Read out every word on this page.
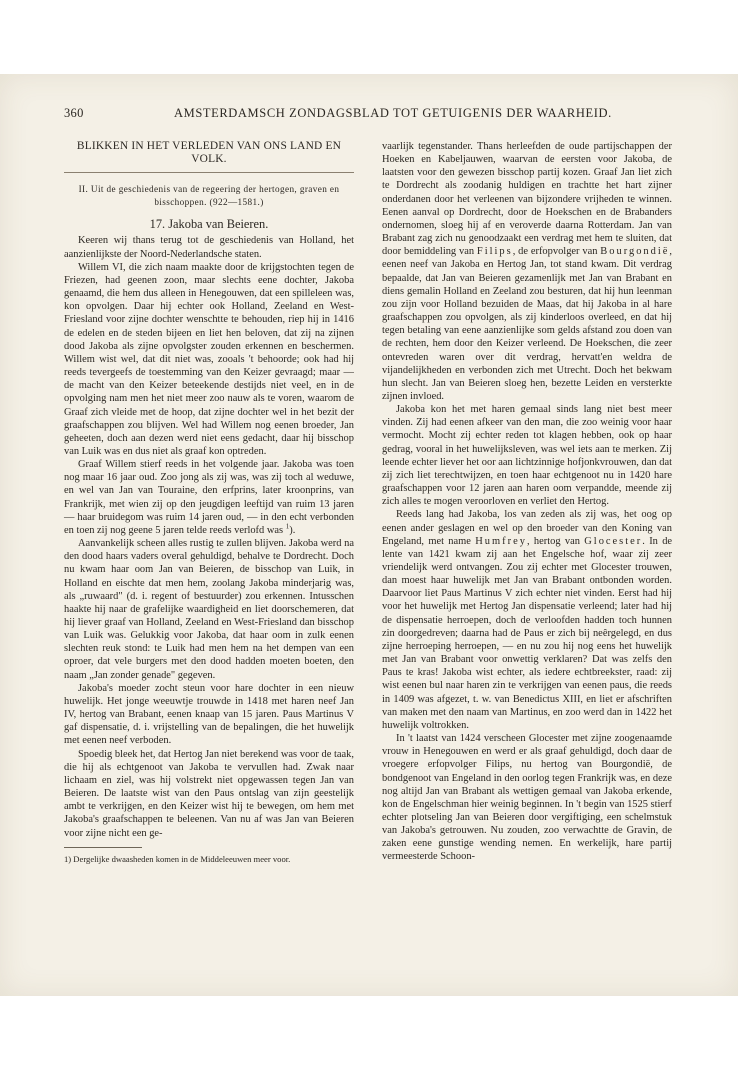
360	AMSTERDAMSCH ZONDAGSBLAD TOT GETUIGENIS DER WAARHEID.
BLIKKEN IN HET VERLEDEN VAN ONS LAND EN VOLK.
II. Uit de geschiedenis van de regeering der hertogen, graven en bisschoppen. (922—1581.)
17. Jakoba van Beieren.

Keeren wij thans terug tot de geschiedenis van Holland, het aanzienlijkste der Noord-Nederlandsche staten.

Willem VI, die zich naam maakte door de krijgstochten tegen de Friezen, had geenen zoon, maar slechts eene dochter, Jakoba genaamd, die hem dus alleen in Henegouwen, dat een spilleleen was, kon opvolgen. Daar hij echter ook Holland, Zeeland en West-Friesland voor zijne dochter wenschtte te behouden, riep hij in 1416 de edelen en de steden bijeen en liet hen beloven, dat zij na zijnen dood Jakoba als zijne opvolgster zouden erkennen en beschermen. Willem wist wel, dat dit niet was, zooals 't behoorde; ook had hij reeds tevergeefs de toestemming van den Keizer gevraagd; maar — de macht van den Keizer beteekende destijds niet veel, en in de opvolging nam men het niet meer zoo nauw als te voren, waarom de Graaf zich vleide met de hoop, dat zijne dochter wel in het bezit der graafschappen zou blijven. Wel had Willem nog eenen broeder, Jan geheeten, doch aan dezen werd niet eens gedacht, daar hij bisschop van Luik was en dus niet als graaf kon optreden.

Graaf Willem stierf reeds in het volgende jaar. Jakoba was toen nog maar 16 jaar oud. Zoo jong als zij was, was zij toch al weduwe, en wel van Jan van Touraine, den erfprins, later kroonprins, van Frankrijk, met wien zij op den jeugdigen leeftijd van ruim 13 jaren — haar bruidegom was ruim 14 jaren oud, — in den echt verbonden en toen zij nog geene 5 jaren telde reeds verlofd was $^1$).

Aanvankelijk scheen alles rustig te zullen blijven. Jakoba werd na den dood haars vaders overal gehuldigd, behalve te Dordrecht. Doch nu kwam haar oom Jan van Beieren, de bisschop van Luik, in Holland en eischte dat men hem, zoolang Jakoba minderjarig was, als „ruwaard" (d. i. regent of bestuurder) zou erkennen. Intusschen haakte hij naar de grafelijke waardigheid en liet doorschemeren, dat hij liever graaf van Holland, Zeeland en West-Friesland dan bisschop van Luik was. Gelukkig voor Jakoba, dat haar oom in zulk eenen slechten reuk stond: te Luik had men hem na het dempen van een oproer, dat vele burgers met den dood hadden moeten boeten, den naam „Jan zonder genade" gegeven.

Jakoba's moeder zocht steun voor hare dochter in een nieuw huwelijk. Het jonge weeuwtje trouwde in 1418 met haren neef Jan IV, hertog van Brabant, eenen knaap van 15 jaren. Paus Martinus V gaf dispensatie, d. i. vrijstelling van de bepalingen, die het huwelijk met eenen neef verboden.

Spoedig bleek het, dat Hertog Jan niet berekend was voor de taak, die hij als echtgenoot van Jakoba te vervullen had. Zwak naar lichaam en ziel, was hij volstrekt niet opgewassen tegen Jan van Beieren. De laatste wist van den Paus ontslag van zijn geestelijk ambt te verkrijgen, en den Keizer wist hij te bewegen, om hem met Jakoba's graafschappen te beleenen. Van nu af was Jan van Beieren voor zijne nicht een ge-

1) Dergelijke dwaasheden komen in de Middeleeuwen meer voor.

vaarlijk tegenstander. Thans herleefden de oude partijschappen der Hoeken en Kabeljauwen, waarvan de eersten voor Jakoba, de laatsten voor den gewezen bisschop partij kozen. Graaf Jan liet zich te Dordrecht als zoodanig huldigen en trachtte het hart zijner onderdanen door het verleenen van bijzondere vrijheden te winnen. Eenen aanval op Dordrecht, door de Hoekschen en de Brabanders ondernomen, sloeg hij af en veroverde daarna Rotterdam. Jan van Brabant zag zich nu genoodzaakt een verdrag met hem te sluiten, dat door bemiddeling van Filips, de erfopvolger van Bourgondië, eenen neef van Jakoba en Hertog Jan, tot stand kwam. Dit verdrag bepaalde, dat Jan van Beieren gezamenlijk met Jan van Brabant en diens gemalin Holland en Zeeland zou besturen, dat hij hun leenman zou zijn voor Holland bezuiden de Maas, dat hij Jakoba in al hare graafschappen zou opvolgen, als zij kinderloos overleed, en dat hij tegen betaling van eene aanzienlijke som gelds afstand zou doen van de rechten, hem door den Keizer verleend. De Hoekschen, die zeer ontevreden waren over dit verdrag, hervatt'en weldra de vijandelijkheden en verbonden zich met Utrecht. Doch het bekwam hun slecht. Jan van Beieren sloeg hen, bezette Leiden en versterkte zijnen invloed.

Jakoba kon het met haren gemaal sinds lang niet best meer vinden. Zij had eenen afkeer van den man, die zoo weinig voor haar vermocht. Mocht zij echter reden tot klagen hebben, ook op haar gedrag, vooral in het huwelijksleven, was wel iets aan te merken. Zij leende echter liever het oor aan lichtzinnige hofjonkvrouwen, dan dat zij zich liet terechtwijzen, en toen haar echtgenoot nu in 1420 hare graafschappen voor 12 jaren aan haren oom verpandde, meende zij zich alles te mogen veroorloven en verliet den Hertog.

Reeds lang had Jakoba, los van zeden als zij was, het oog op eenen ander geslagen en wel op den broeder van den Koning van Engeland, met name Humfrey, hertog van Glocester. In de lente van 1421 kwam zij aan het Engelsche hof, waar zij zeer vriendelijk werd ontvangen. Zou zij echter met Glocester trouwen, dan moest haar huwelijk met Jan van Brabant ontbonden worden. Daarvoor liet Paus Martinus V zich echter niet vinden. Eerst had hij voor het huwelijk met Hertog Jan dispensatie verleend; later had hij de dispensatie herroepen, doch de verloofden hadden toch hunnen zin doorgedreven; daarna had de Paus er zich bij neêrgelegd, en dus zijne herroeping herroepen, — en nu zou hij nog eens het huwelijk met Jan van Brabant voor onwettig verklaren? Dat was zelfs den Paus te kras! Jakoba wist echter, als iedere echtbreekster, raad: zij wist eenen bul naar haren zin te verkrijgen van eenen paus, die reeds in 1409 was afgezet, t. w. van Benedictus XIII, en liet er afschriften van maken met den naam van Martinus, en zoo werd dan in 1422 het huwelijk voltrokken.

In 't laatst van 1424 verscheen Glocester met zijne zoogenaamde vrouw in Henegouwen en werd er als graaf gehuldigd, doch daar de vroegere erfopvolger Filips, nu hertog van Bourgondië, de bondgenoot van Engeland in den oorlog tegen Frankrijk was, en deze nog altijd Jan van Brabant als wettigen gemaal van Jakoba erkende, kon de Engelschman hier weinig beginnen. In 't begin van 1525 stierf echter plotseling Jan van Beieren door vergiftiging, een schelmstuk van Jakoba's getrouwen. Nu zouden, zoo verwachtte de Gravin, de zaken eene gunstige wending nemen. En werkelijk, hare partij vermeesterde Schoon-
